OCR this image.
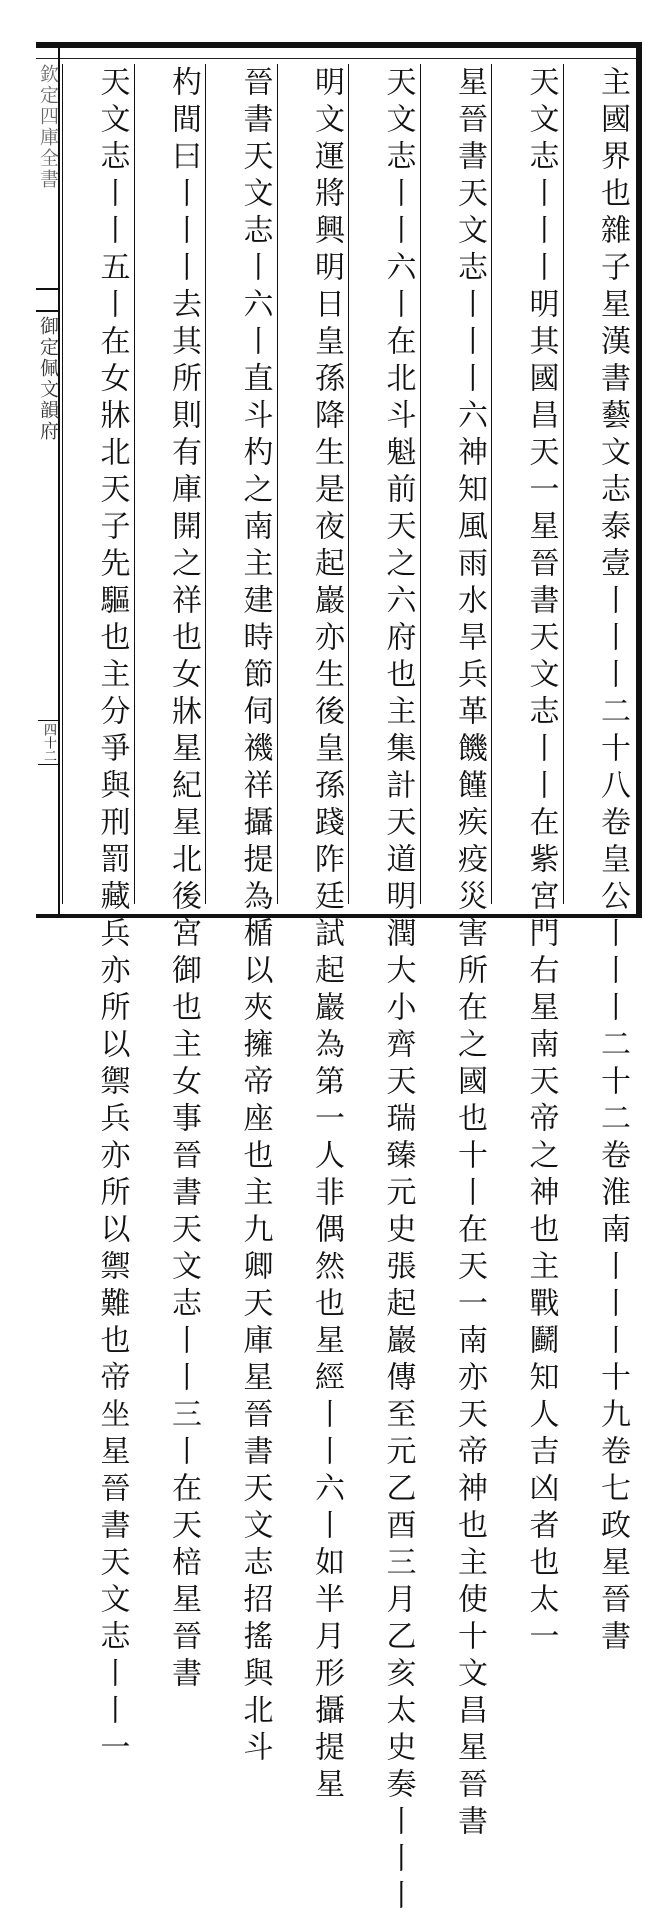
欽定四庫全書
御定佩文韻府
四十二	主國界也雜子星漢書藝文志泰壹丨丨丨二十八卷皇公丨丨丨二十二卷淮南丨丨丨十九卷七政星晉書
天文志丨丨丨明其國昌天一星晉書天文志丨丨在紫宮門右星南天帝之神也主戰鬬知人吉凶者也太一
星晉書天文志丨丨丨六神知風雨水旱兵革饑饉疾疫災害所在之國也十丨在天一南亦天帝神也主使十文昌星晉書
天文志丨丨六丨在北斗魁前天之六府也主集計天道明潤大小齊天瑞臻元史張起巖傳至元乙酉三月乙亥太史奏丨丨丨
明文運將興明日皇孫降生是夜起巖亦生後皇孫踐阼廷試起巖為第一人非偶然也星經丨丨六丨如半月形攝提星
晉書天文志丨六丨直斗杓之南主建時節伺禨祥攝提為楯以夾擁帝座也主九卿天庫星晉書天文志招搖與北斗
杓間曰丨丨丨去其所則有庫開之祥也女牀星紀星北後宮御也主女事晉書天文志丨丨三丨在天棓星晉書
天文志丨丨五丨在女牀北天子先驅也主分爭與刑罰藏兵亦所以禦兵亦所以禦難也帝坐星晉書天文志丨丨一
